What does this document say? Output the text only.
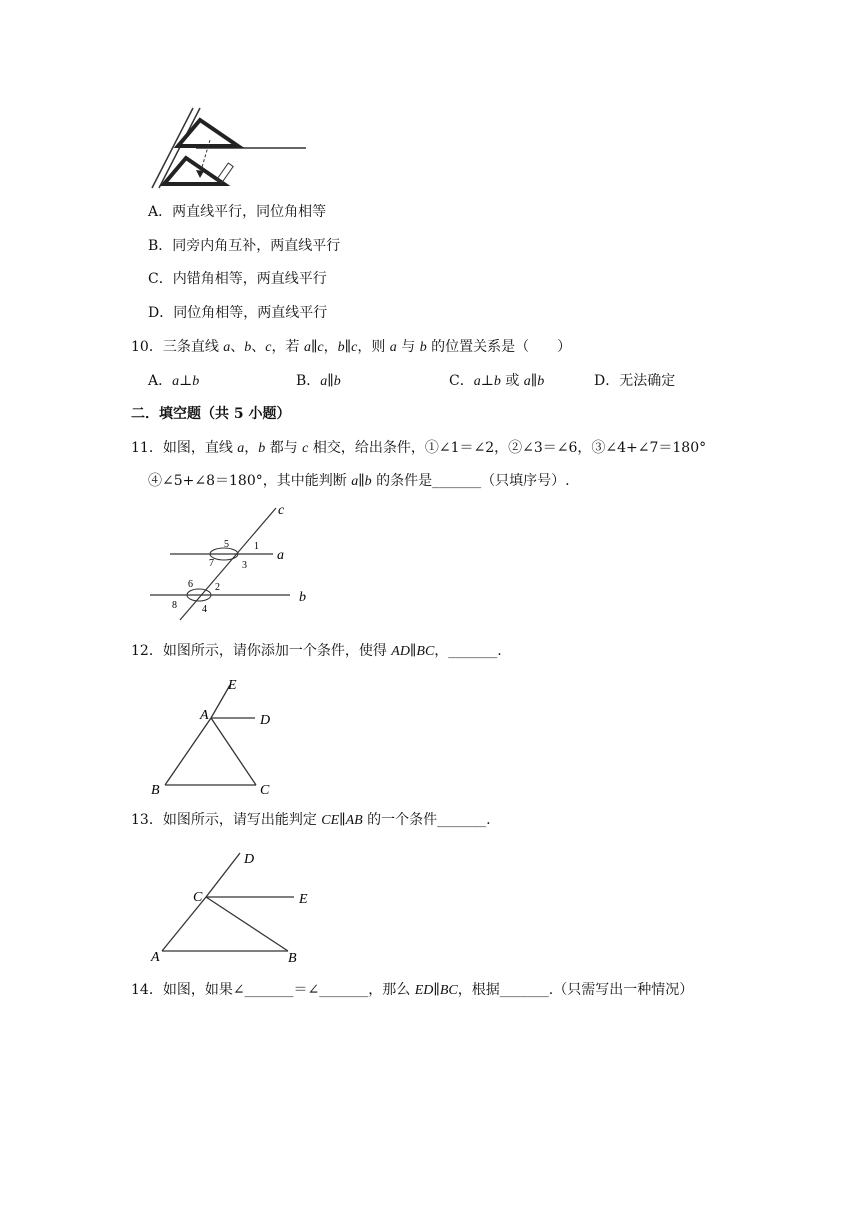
A．两直线平行，同位角相等
B．同旁内角互补，两直线平行
C．内错角相等，两直线平行
D．同位角相等，两直线平行
10．三条直线 a、b、c，若 a∥c，b∥c，则 a 与 b 的位置关系是（　　）
A．a⊥b	B．a∥b	C．a⊥b 或 a∥b	D．无法确定
二．填空题（共 5 小题）
11．如图，直线 a，b 都与 c 相交，给出条件，①∠1＝∠2，②∠3＝∠6，③∠4+∠7＝180°
④∠5+∠8＝180°，其中能判断 a∥b 的条件是_______（只填序号）.
c
a
b
5	1
7	3
6 2
8	4
12．如图所示，请你添加一个条件，使得 AD∥BC，_______.
E
A	D
B	C
13．如图所示，请写出能判定 CE∥AB 的一个条件_______.
D
C	E
A	B
14．如图，如果∠_______＝∠_______，那么 ED∥BC，根据_______.（只需写出一种情况）
